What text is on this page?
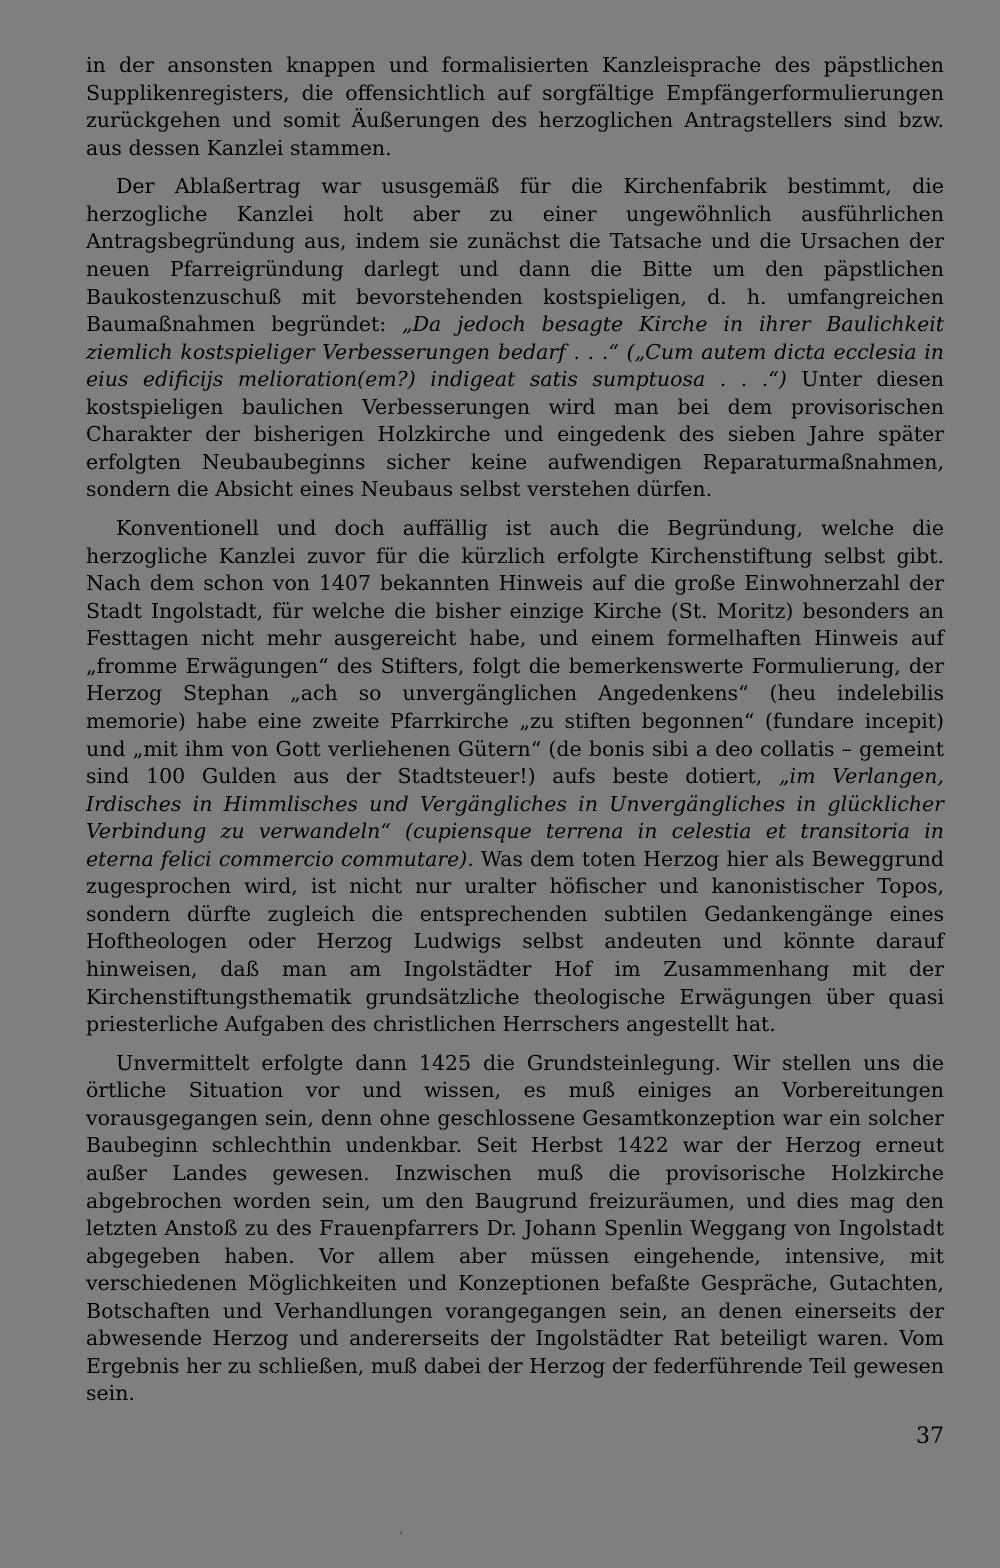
in der ansonsten knappen und formalisierten Kanzleisprache des päpstlichen Supplikenregisters, die offensichtlich auf sorgfältige Empfängerformulierungen zurückgehen und somit Äußerungen des herzoglichen Antragstellers sind bzw. aus dessen Kanzlei stammen.

Der Ablaßertrag war ususgemäß für die Kirchenfabrik bestimmt, die herzogliche Kanzlei holt aber zu einer ungewöhnlich ausführlichen Antragsbegründung aus, indem sie zunächst die Tatsache und die Ursachen der neuen Pfarreigründung darlegt und dann die Bitte um den päpstlichen Baukostenzuschuß mit bevorstehenden kostspieligen, d. h. umfangreichen Baumaßnahmen begründet: „Da jedoch besagte Kirche in ihrer Baulichkeit ziemlich kostspieliger Verbesserungen bedarf . . .“ („Cum autem dicta ecclesia in eius edificijs melioration(em?) indigeat satis sumptuosa . . .“) Unter diesen kostspieligen baulichen Verbesserungen wird man bei dem provisorischen Charakter der bisherigen Holzkirche und eingedenk des sieben Jahre später erfolgten Neubaubeginns sicher keine aufwendigen Reparaturmaßnahmen, sondern die Absicht eines Neubaus selbst verstehen dürfen.

Konventionell und doch auffällig ist auch die Begründung, welche die herzogliche Kanzlei zuvor für die kürzlich erfolgte Kirchenstiftung selbst gibt. Nach dem schon von 1407 bekannten Hinweis auf die große Einwohnerzahl der Stadt Ingolstadt, für welche die bisher einzige Kirche (St. Moritz) besonders an Festtagen nicht mehr ausgereicht habe, und einem formelhaften Hinweis auf „fromme Erwägungen“ des Stifters, folgt die bemerkenswerte Formulierung, der Herzog Stephan „ach so unvergänglichen Angedenkens“ (heu indelebilis memorie) habe eine zweite Pfarrkirche „zu stiften begonnen“ (fundare incepit) und „mit ihm von Gott verliehenen Gütern“ (de bonis sibi a deo collatis – gemeint sind 100 Gulden aus der Stadtsteuer!) aufs beste dotiert, „im Verlangen, Irdisches in Himmlisches und Vergängliches in Unvergängliches in glücklicher Verbindung zu verwandeln“ (cupiensque terrena in celestia et transitoria in eterna felici commercio commutare). Was dem toten Herzog hier als Beweggrund zugesprochen wird, ist nicht nur uralter höfischer und kanonistischer Topos, sondern dürfte zugleich die entsprechenden subtilen Gedankengänge eines Hoftheologen oder Herzog Ludwigs selbst andeuten und könnte darauf hinweisen, daß man am Ingolstädter Hof im Zusammenhang mit der Kirchenstiftungsthematik grundsätzliche theologische Erwägungen über quasi priesterliche Aufgaben des christlichen Herrschers angestellt hat.

Unvermittelt erfolgte dann 1425 die Grundsteinlegung. Wir stellen uns die örtliche Situation vor und wissen, es muß einiges an Vorbereitungen vorausgegangen sein, denn ohne geschlossene Gesamtkonzeption war ein solcher Baubeginn schlechthin undenkbar. Seit Herbst 1422 war der Herzog erneut außer Landes gewesen. Inzwischen muß die provisorische Holzkirche abgebrochen worden sein, um den Baugrund freizuräumen, und dies mag den letzten Anstoß zu des Frauenpfarrers Dr. Johann Spenlin Weggang von Ingolstadt abgegeben haben. Vor allem aber müssen eingehende, intensive, mit verschiedenen Möglichkeiten und Konzeptionen befaßte Gespräche, Gutachten, Botschaften und Verhandlungen vorangegangen sein, an denen einerseits der abwesende Herzog und andererseits der Ingolstädter Rat beteiligt waren. Vom Ergebnis her zu schließen, muß dabei der Herzog der federführende Teil gewesen sein.

37
